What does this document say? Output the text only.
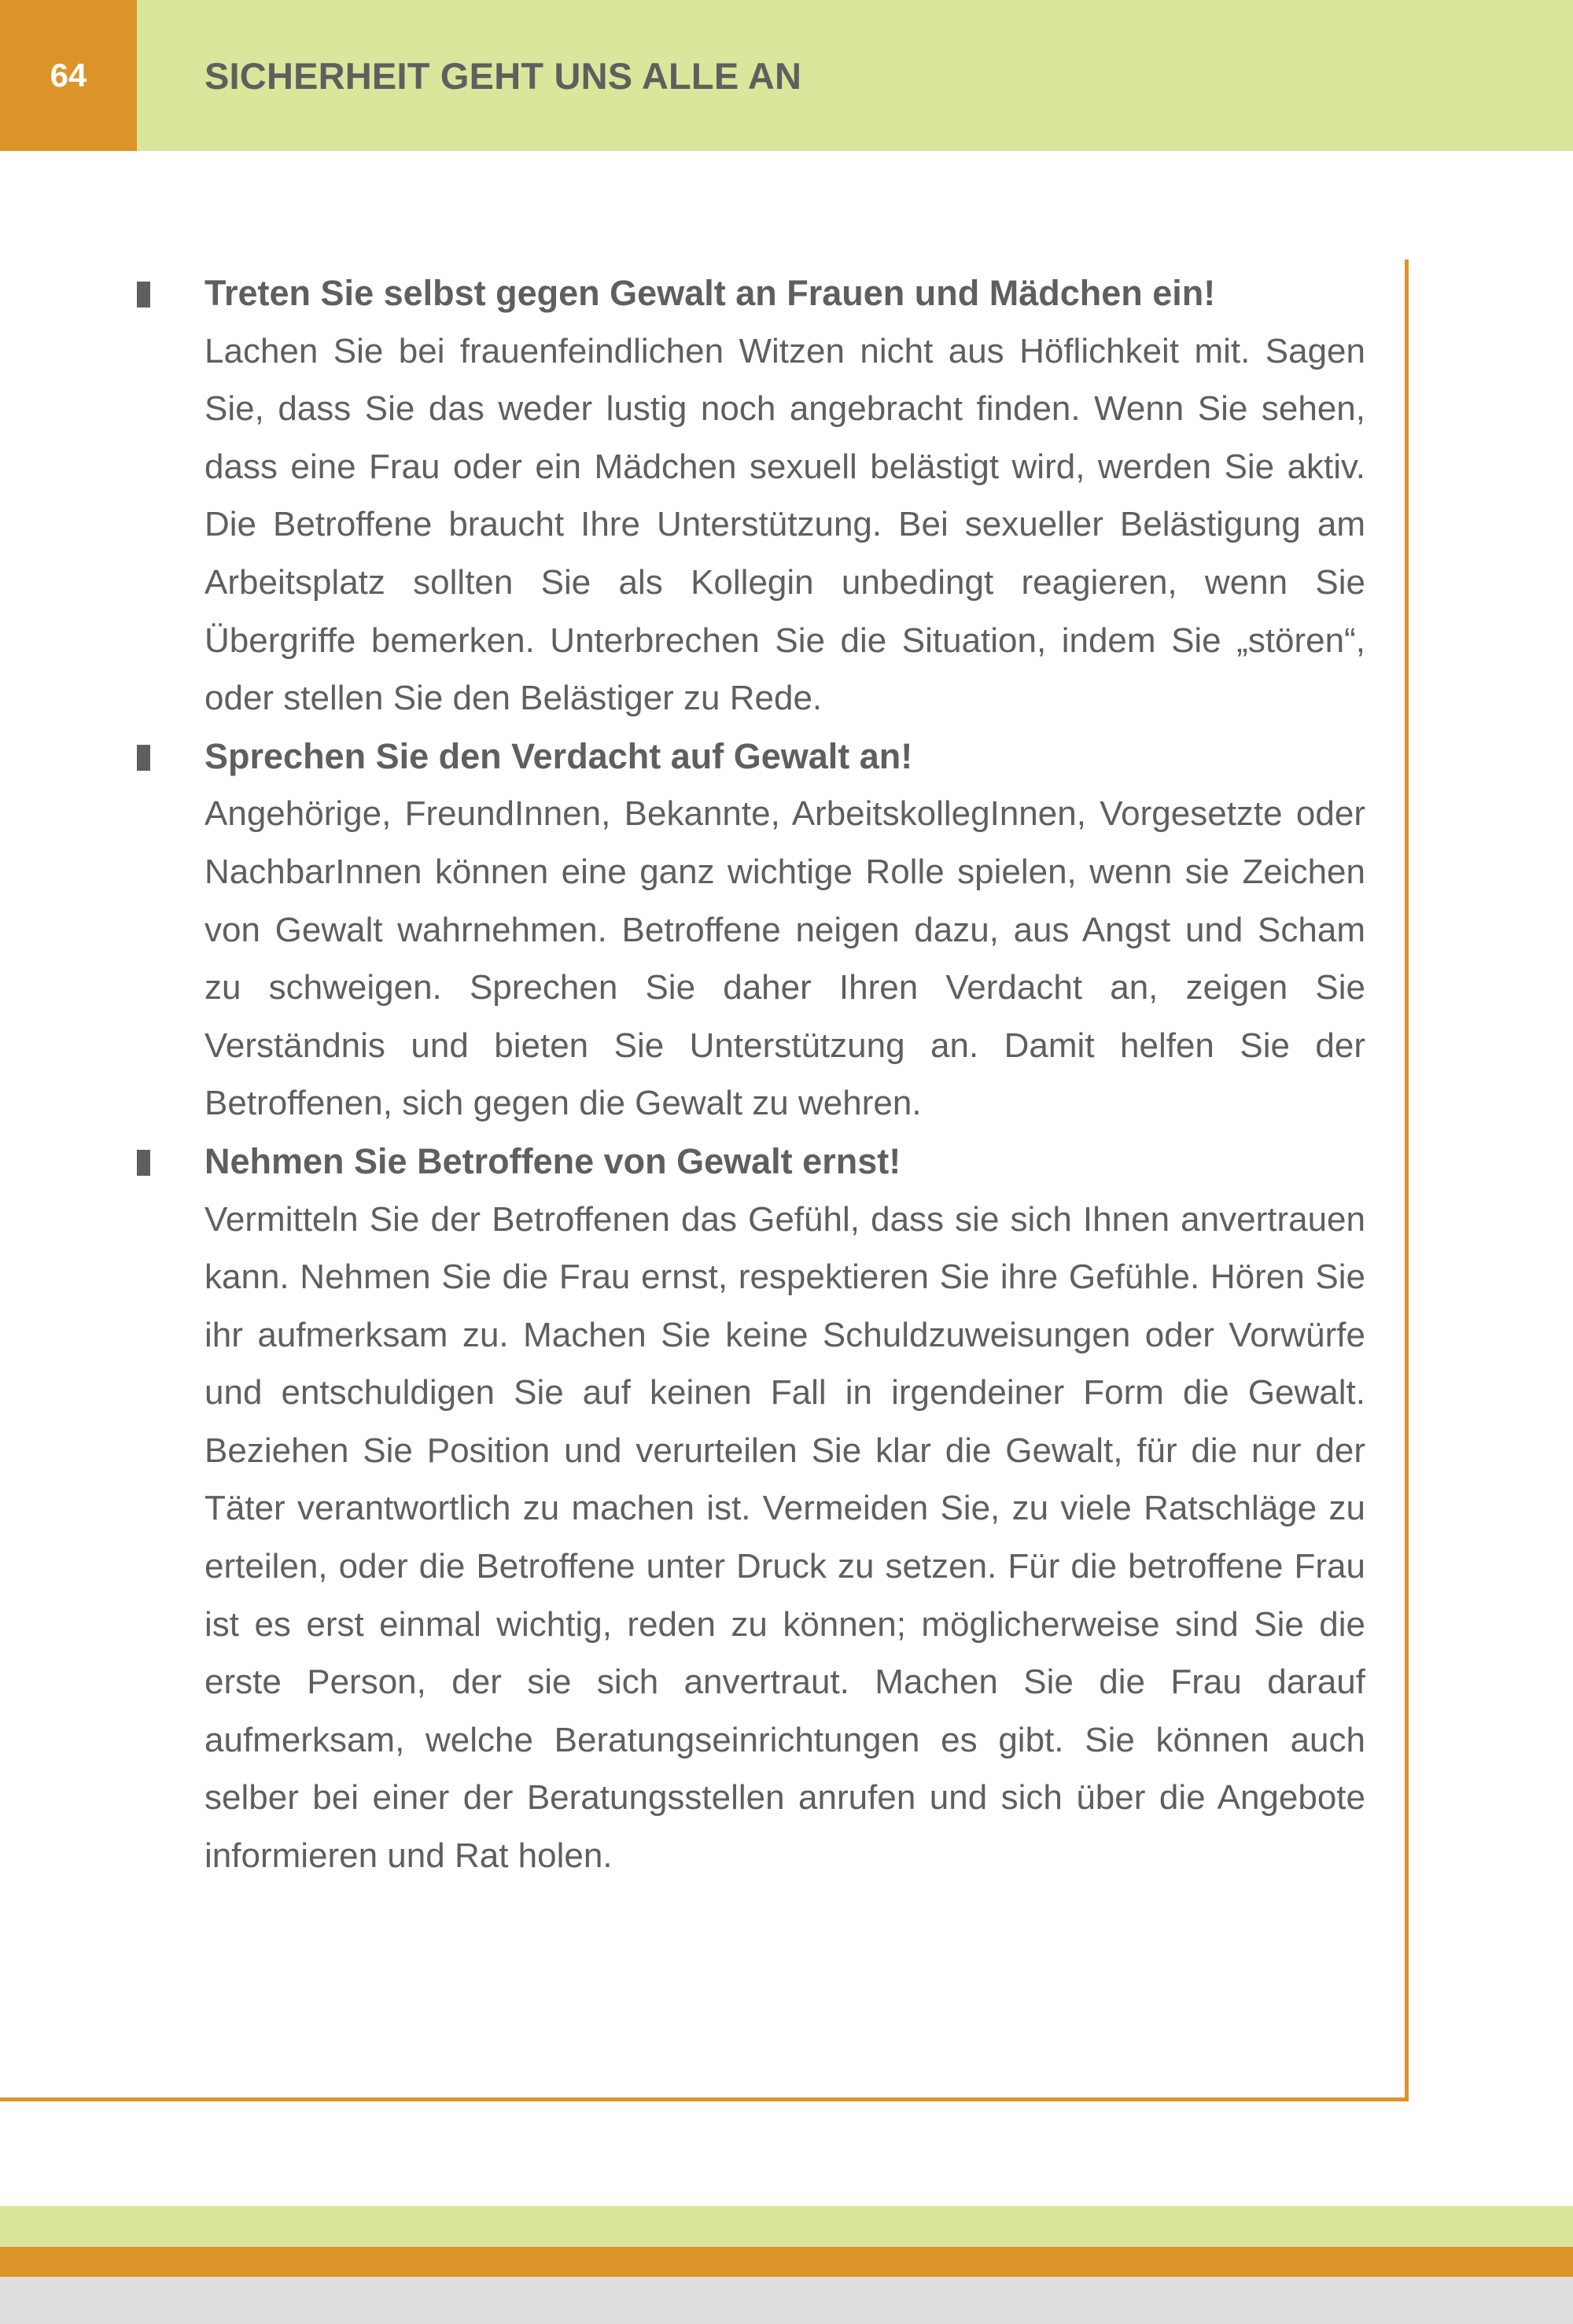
64	SICHERHEIT GEHT UNS ALLE AN
Treten Sie selbst gegen Gewalt an Frauen und Mädchen ein!
Lachen Sie bei frauenfeindlichen Witzen nicht aus Höflichkeit mit. Sagen Sie, dass Sie das weder lustig noch angebracht finden. Wenn Sie sehen, dass eine Frau oder ein Mädchen sexuell belästigt wird, werden Sie aktiv. Die Betroffene braucht Ihre Unterstützung. Bei sexueller Belästigung am Arbeitsplatz sollten Sie als Kollegin unbedingt reagieren, wenn Sie Übergriffe bemerken. Unterbrechen Sie die Situation, indem Sie „stören“, oder stellen Sie den Belästiger zu Rede.
Sprechen Sie den Verdacht auf Gewalt an!
Angehörige, FreundInnen, Bekannte, ArbeitskollegInnen, Vorgesetzte oder NachbarInnen können eine ganz wichtige Rolle spielen, wenn sie Zeichen von Gewalt wahrnehmen. Betroffene neigen dazu, aus Angst und Scham zu schweigen. Sprechen Sie daher Ihren Verdacht an, zeigen Sie Verständnis und bieten Sie Unterstützung an. Damit helfen Sie der Betroffenen, sich gegen die Gewalt zu wehren.
Nehmen Sie Betroffene von Gewalt ernst!
Vermitteln Sie der Betroffenen das Gefühl, dass sie sich Ihnen anvertrauen kann. Nehmen Sie die Frau ernst, respektieren Sie ihre Gefühle. Hören Sie ihr aufmerksam zu. Machen Sie keine Schuldzuweisungen oder Vorwürfe und entschuldigen Sie auf keinen Fall in irgendeiner Form die Gewalt. Beziehen Sie Position und verurteilen Sie klar die Gewalt, für die nur der Täter verantwortlich zu machen ist. Vermeiden Sie, zu viele Ratschläge zu erteilen, oder die Betroffene unter Druck zu setzen. Für die betroffene Frau ist es erst einmal wichtig, reden zu können; möglicherweise sind Sie die erste Person, der sie sich anvertraut. Machen Sie die Frau darauf aufmerksam, welche Beratungseinrichtungen es gibt. Sie können auch selber bei einer der Beratungsstellen anrufen und sich über die Angebote informieren und Rat holen.
